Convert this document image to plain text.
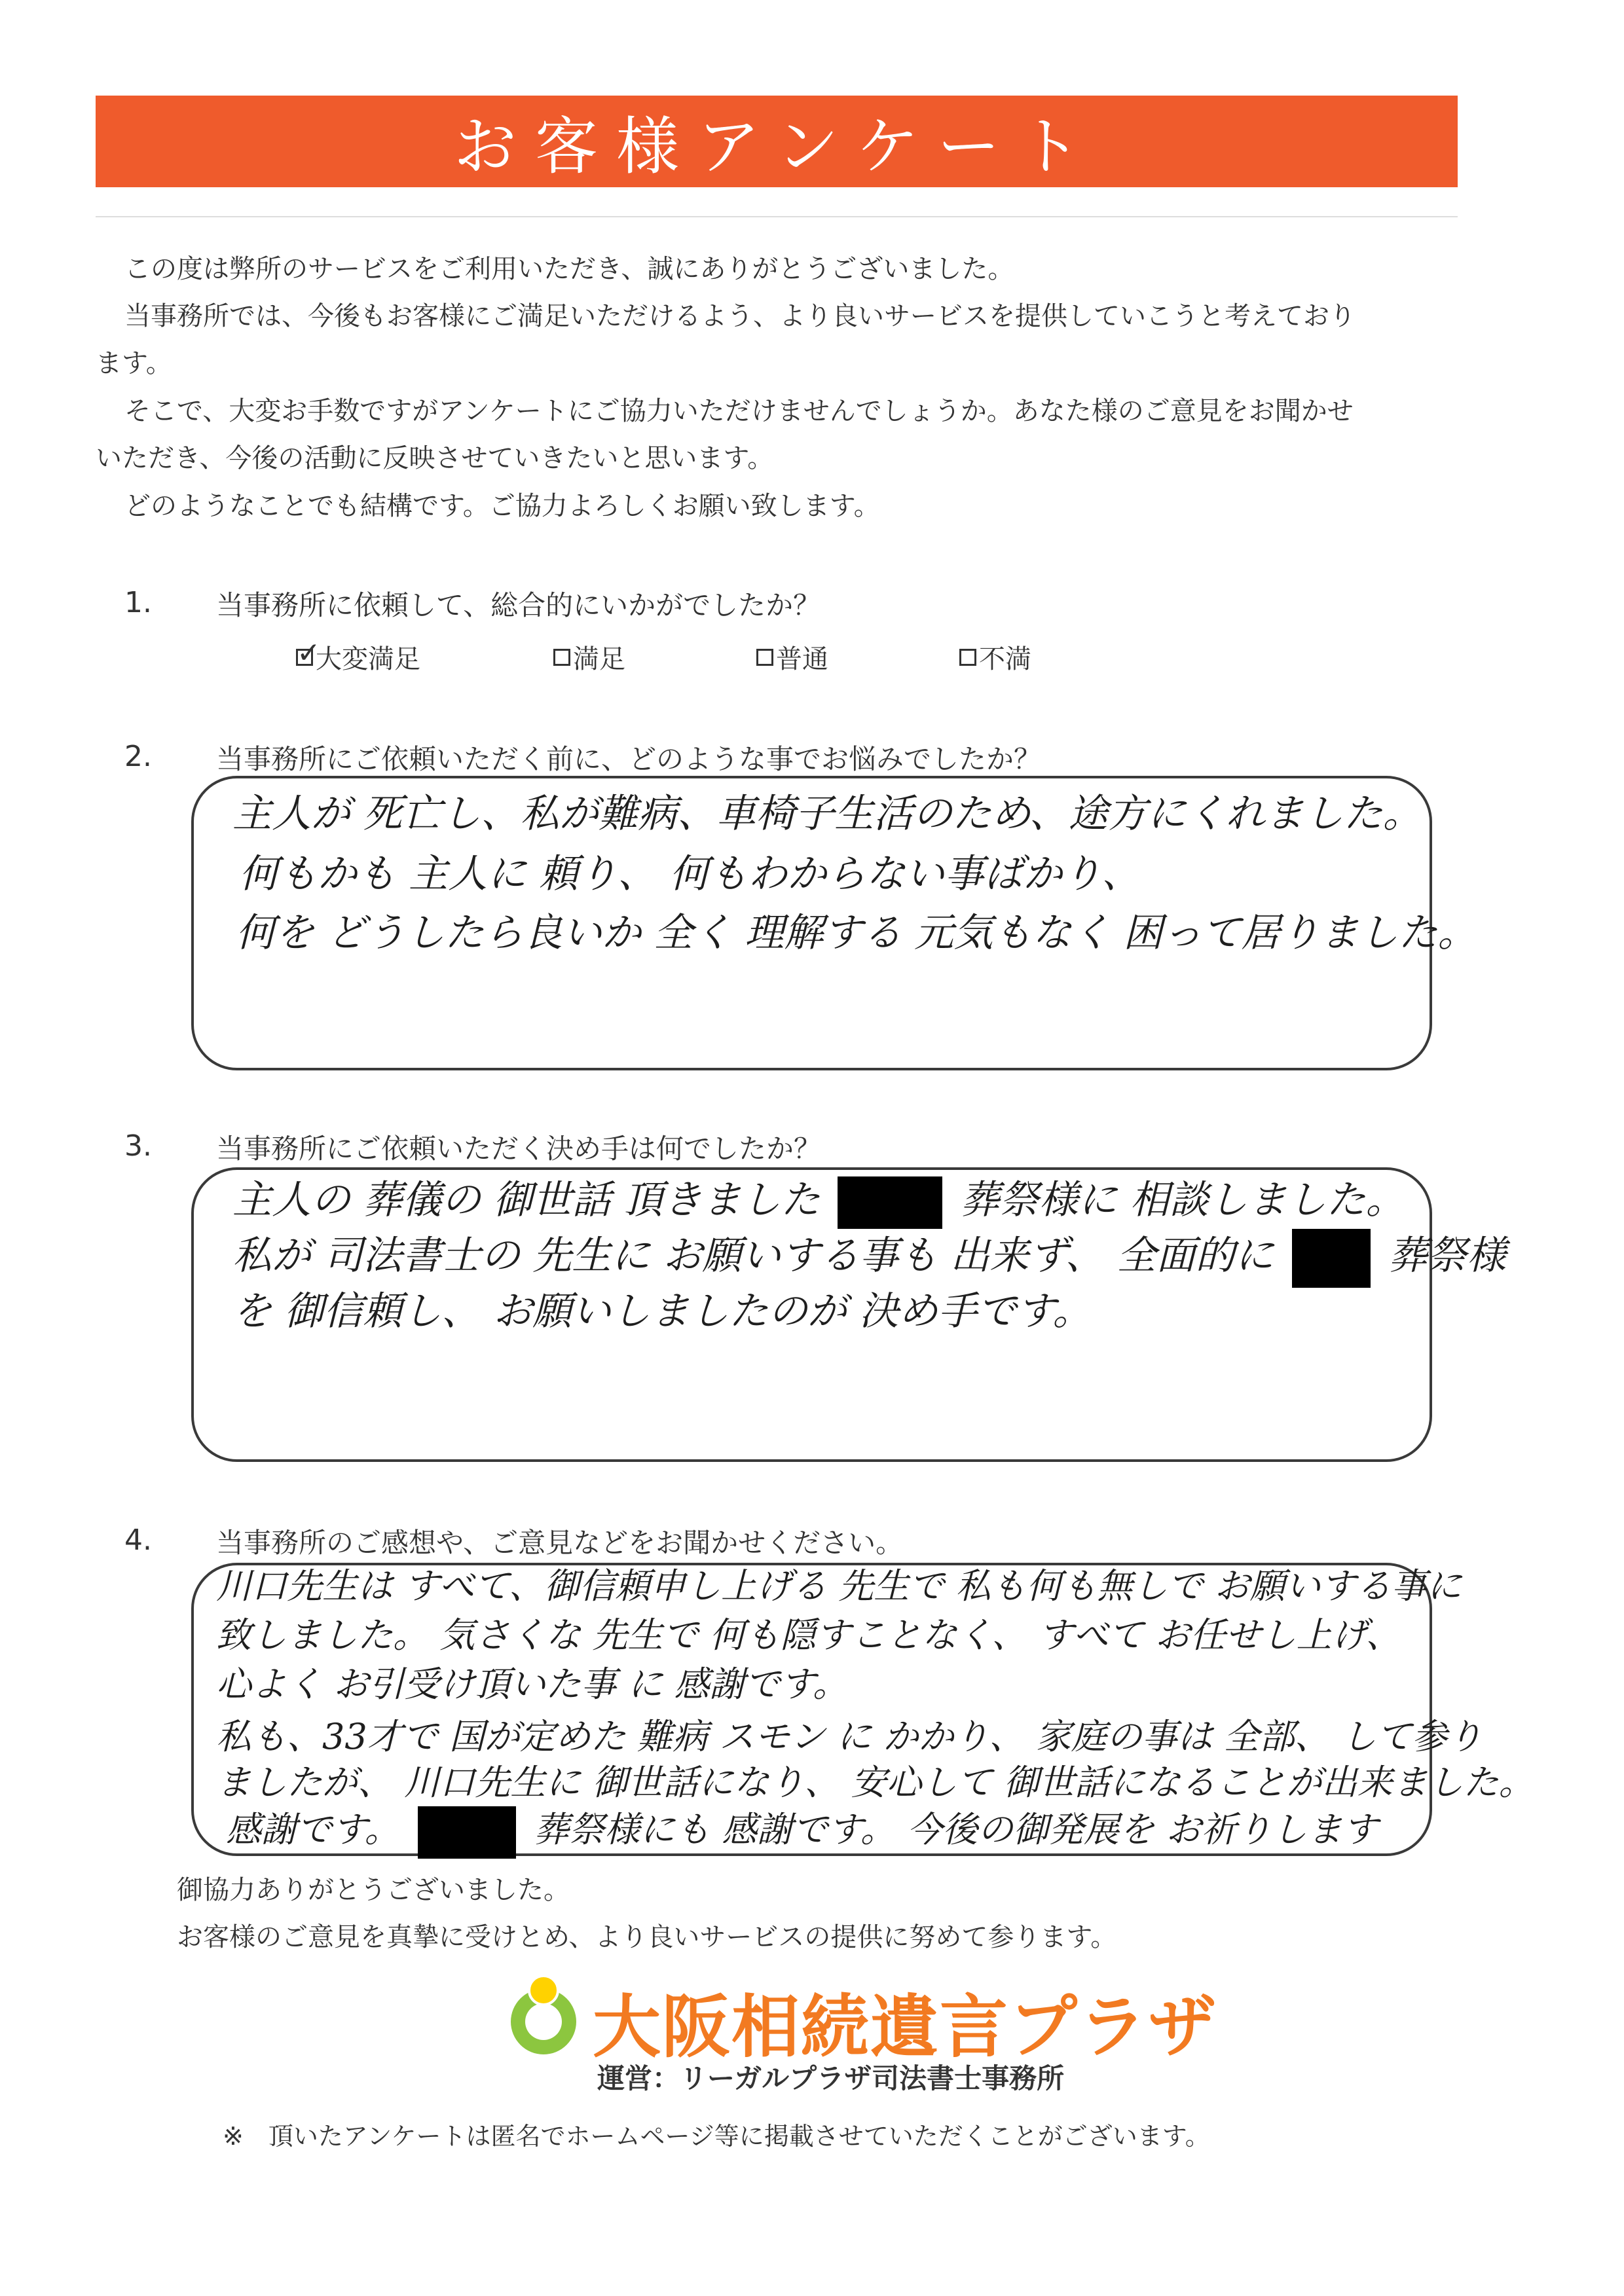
お客様アンケート
この度は弊所のサービスをご利用いただき、誠にありがとうございました。
当事務所では、今後もお客様にご満足いただけるよう、より良いサービスを提供していこうと考えており
ます。
そこで、大変お手数ですがアンケートにご協力いただけませんでしょうか。あなた様のご意見をお聞かせ
いただき、今後の活動に反映させていきたいと思います。
どのようなことでも結構です。ご協力よろしくお願い致します。
1. 当事務所に依頼して、総合的にいかがでしたか？
✓
大変満足	満足	普通	不満
2. 当事務所にご依頼いただく前に、どのような事でお悩みでしたか？
主人が 死亡し、私が難病、車椅子生活のため、途方にくれました。
何もかも 主人に 頼り、 何もわからない事ばかり、
何を どうしたら良いか 全く 理解する 元気もなく 困って居りました。
3. 当事務所にご依頼いただく決め手は何でしたか？
主人の 葬儀の 御世話 頂きました	葬祭様に 相談しました。
私が 司法書士の 先生に お願いする事も 出来ず、 全面的に	葬祭様
を 御信頼し、 お願いしましたのが 決め手です。
4. 当事務所のご感想や、ご意見などをお聞かせください。
川口先生は すべて、御信頼申し上げる 先生で 私も何も無しで お願いする事に
致しました。 気さくな 先生で 何も隠すことなく、 すべて お任せし上げ、
心よく お引受け頂いた事 に 感謝です。
私も、33才で 国が定めた 難病 スモン に かかり、 家庭の事は 全部、 して参り
ましたが、 川口先生に 御世話になり、 安心して 御世話になることが出来ました。
感謝です。	葬祭様にも 感謝です。 今後の御発展を お祈りします
御協力ありがとうございました。
お客様のご意見を真摯に受けとめ、より良いサービスの提供に努めて参ります。
大阪相続遺言プラザ
運営：リーガルプラザ司法書士事務所
※　頂いたアンケートは匿名でホームページ等に掲載させていただくことがございます。
